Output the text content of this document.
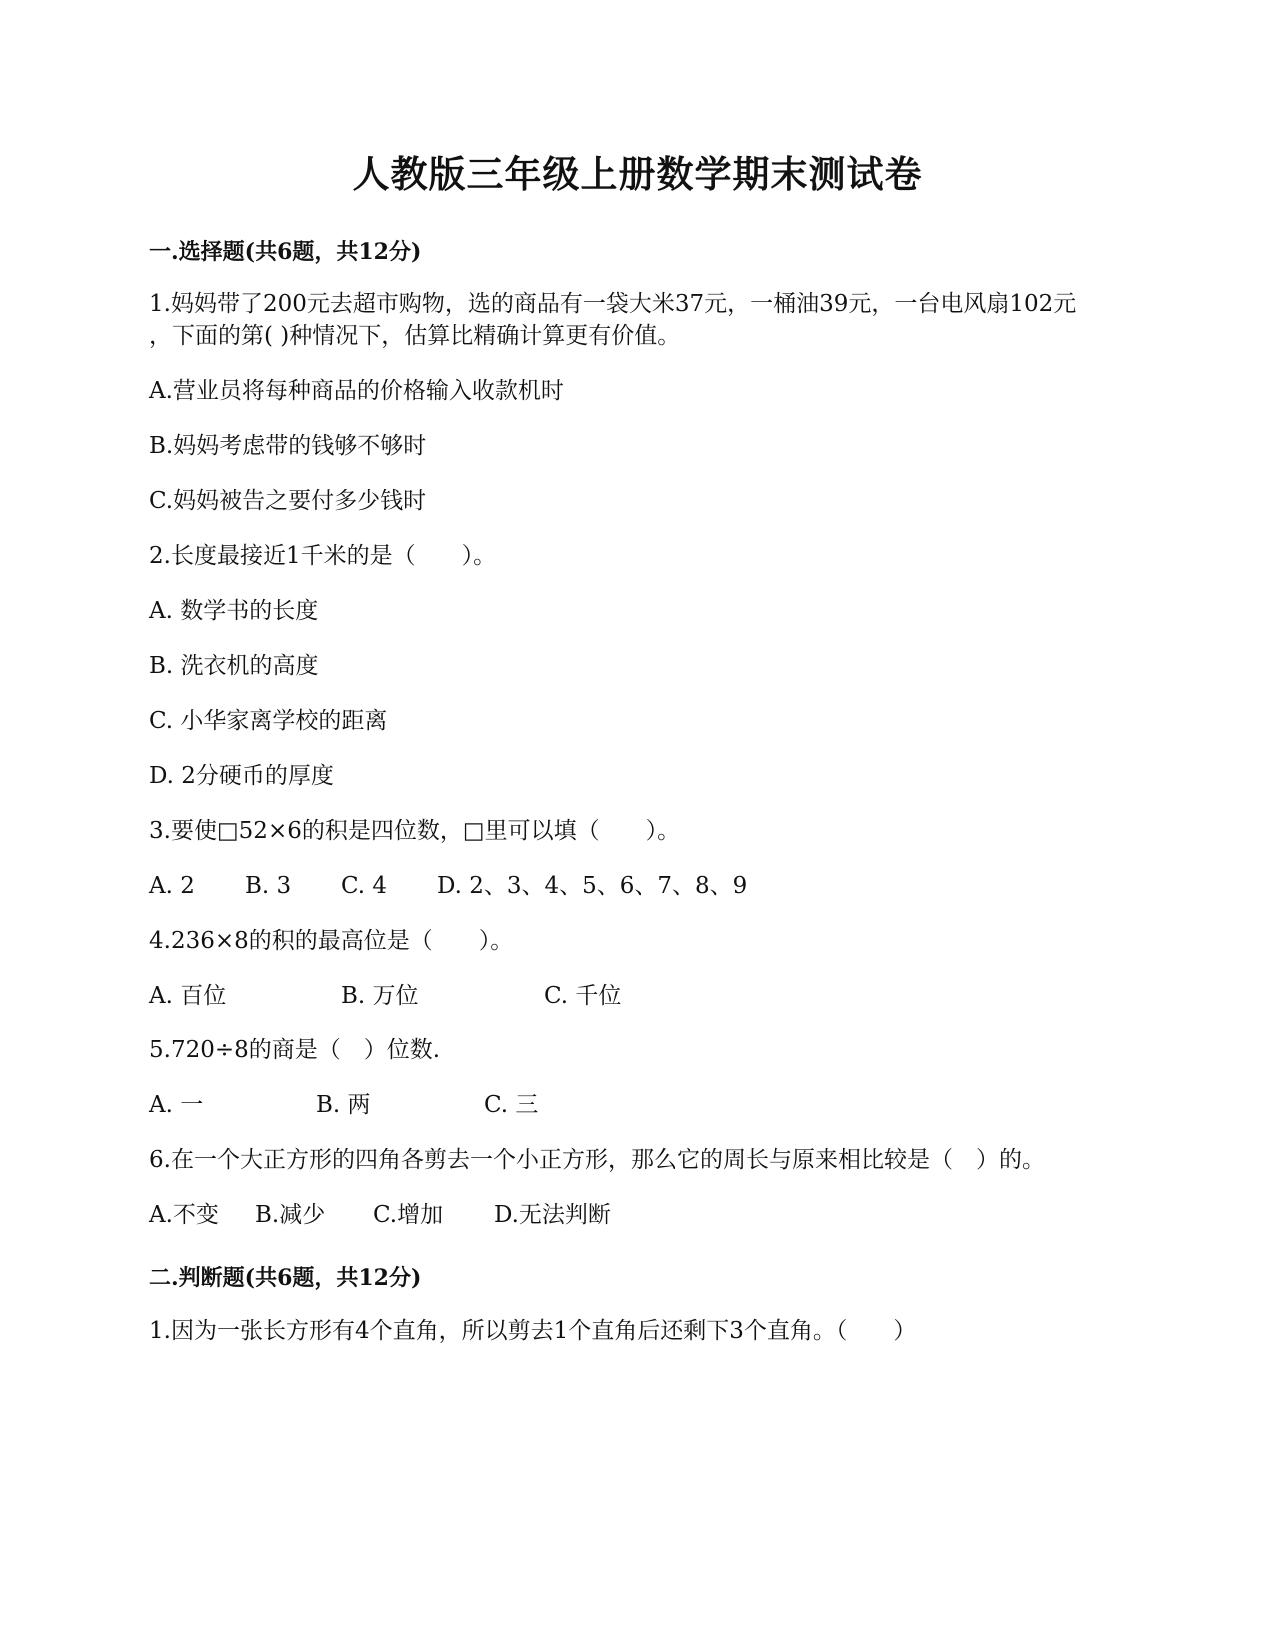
人教版三年级上册数学期末测试卷
一.选择题(共6题，共12分)
1.妈妈带了200元去超市购物，选的商品有一袋大米37元，一桶油39元，一台电风扇102元
，下面的第( )种情况下，估算比精确计算更有价值。
A.营业员将每种商品的价格输入收款机时
B.妈妈考虑带的钱够不够时
C.妈妈被告之要付多少钱时
2.长度最接近1千米的是（　　）。
A. 数学书的长度
B. 洗衣机的高度
C. 小华家离学校的距离
D. 2分硬币的厚度
3.要使□52×6的积是四位数，□里可以填（　　）。
A. 2 B. 3 C. 4 D. 2、3、4、5、6、7、8、9
4.236×8的积的最高位是（　　）。
A. 百位	B. 万位	C. 千位
5.720÷8的商是（　）位数.
A. 一	B. 两	C. 三
6.在一个大正方形的四角各剪去一个小正方形，那么它的周长与原来相比较是（　）的。
A.不变 B.减少 C.增加 D.无法判断
二.判断题(共6题，共12分)
1.因为一张长方形有4个直角，所以剪去1个直角后还剩下3个直角。（　　）
